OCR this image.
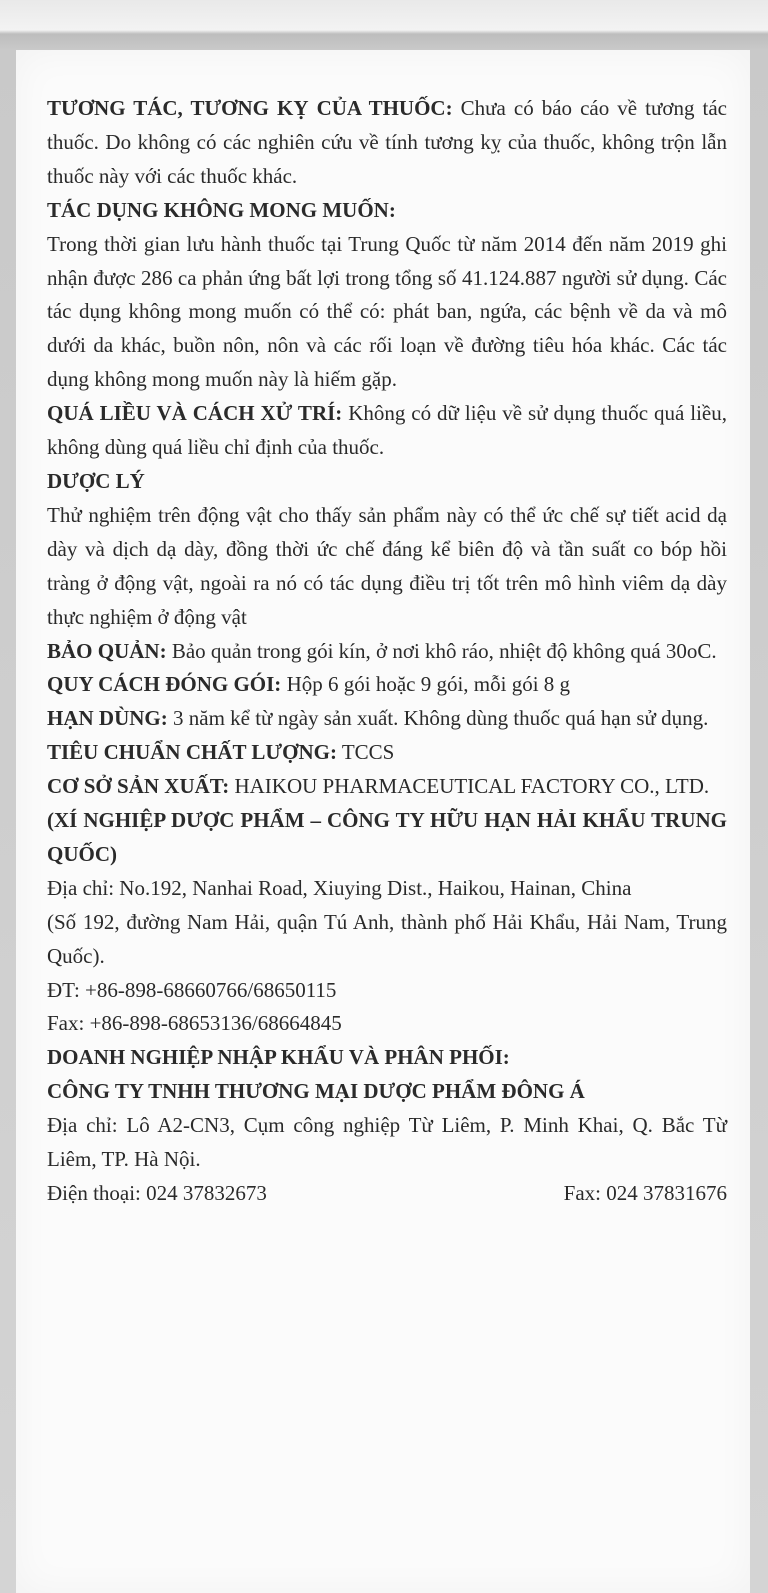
TƯƠNG TÁC, TƯƠNG KỴ CỦA THUỐC: Chưa có báo cáo về tương tác thuốc. Do không có các nghiên cứu về tính tương kỵ của thuốc, không trộn lẫn thuốc này với các thuốc khác.

TÁC DỤNG KHÔNG MONG MUỐN:

Trong thời gian lưu hành thuốc tại Trung Quốc từ năm 2014 đến năm 2019 ghi nhận được 286 ca phản ứng bất lợi trong tổng số 41.124.887 người sử dụng. Các tác dụng không mong muốn có thể có: phát ban, ngứa, các bệnh về da và mô dưới da khác, buồn nôn, nôn và các rối loạn về đường tiêu hóa khác. Các tác dụng không mong muốn này là hiếm gặp.

QUÁ LIỀU VÀ CÁCH XỬ TRÍ: Không có dữ liệu về sử dụng thuốc quá liều, không dùng quá liều chỉ định của thuốc.

DƯỢC LÝ

Thử nghiệm trên động vật cho thấy sản phẩm này có thể ức chế sự tiết acid dạ dày và dịch dạ dày, đồng thời ức chế đáng kể biên độ và tần suất co bóp hồi tràng ở động vật, ngoài ra nó có tác dụng điều trị tốt trên mô hình viêm dạ dày thực nghiệm ở động vật

BẢO QUẢN: Bảo quản trong gói kín, ở nơi khô ráo, nhiệt độ không quá 30oC.

QUY CÁCH ĐÓNG GÓI: Hộp 6 gói hoặc 9 gói, mỗi gói 8 g

HẠN DÙNG: 3 năm kể từ ngày sản xuất. Không dùng thuốc quá hạn sử dụng.

TIÊU CHUẨN CHẤT LƯỢNG: TCCS

CƠ SỞ SẢN XUẤT: HAIKOU PHARMACEUTICAL FACTORY CO., LTD.

(XÍ NGHIỆP DƯỢC PHẨM – CÔNG TY HỮU HẠN HẢI KHẨU TRUNG QUỐC)

Địa chỉ: No.192, Nanhai Road, Xiuying Dist., Haikou, Hainan, China

(Số 192, đường Nam Hải, quận Tú Anh, thành phố Hải Khẩu, Hải Nam, Trung Quốc).

ĐT: +86-898-68660766/68650115

Fax: +86-898-68653136/68664845

DOANH NGHIỆP NHẬP KHẨU VÀ PHÂN PHỐI:

CÔNG TY TNHH THƯƠNG MẠI DƯỢC PHẨM ĐÔNG Á

Địa chỉ: Lô A2-CN3, Cụm công nghiệp Từ Liêm, P. Minh Khai, Q. Bắc Từ Liêm, TP. Hà Nội.

Điện thoại: 024 37832673	Fax: 024 37831676
